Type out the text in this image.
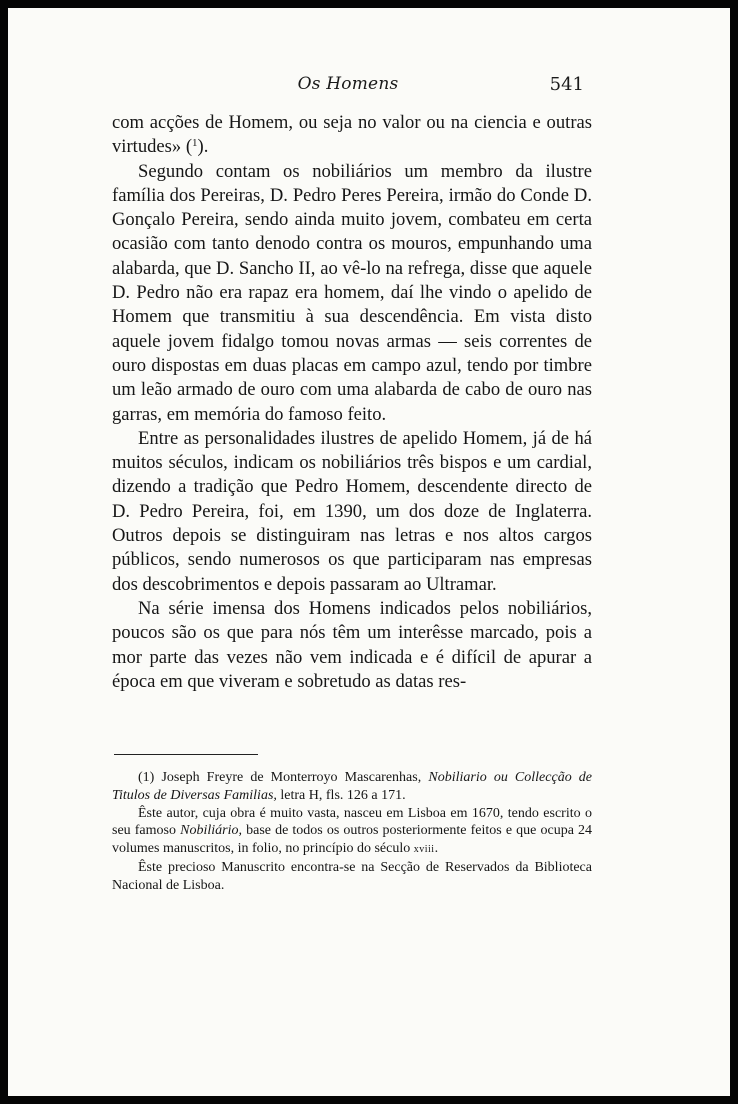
Os Homens	541

com acções de Homem, ou seja no valor ou na ciencia e outras virtudes» ($^1$).

Segundo contam os nobiliários um membro da ilustre família dos Pereiras, D. Pedro Peres Pereira, irmão do Conde D. Gonçalo Pereira, sendo ainda muito jovem, combateu em certa ocasião com tanto denodo contra os mouros, empunhando uma alabarda, que D. Sancho II, ao vê-lo na refrega, disse que aquele D. Pedro não era rapaz era homem, daí lhe vindo o apelido de Homem que transmitiu à sua descendência. Em vista disto aquele jovem fidalgo tomou novas armas — seis correntes de ouro dispostas em duas placas em campo azul, tendo por timbre um leão armado de ouro com uma alabarda de cabo de ouro nas garras, em memória do famoso feito.

Entre as personalidades ilustres de apelido Homem, já de há muitos séculos, indicam os nobiliários três bispos e um cardial, dizendo a tradição que Pedro Homem, descendente directo de D. Pedro Pereira, foi, em 1390, um dos doze de Inglaterra. Outros depois se distinguiram nas letras e nos altos cargos públicos, sendo numerosos os que participaram nas empresas dos descobrimentos e depois passaram ao Ultramar.

Na série imensa dos Homens indicados pelos nobiliários, poucos são os que para nós têm um interêsse marcado, pois a mor parte das vezes não vem indicada e é difícil de apurar a época em que viveram e sobretudo as datas res-

(1) Joseph Freyre de Monterroyo Mascarenhas, Nobiliario ou Collecção de Titulos de Diversas Familias, letra H, fls. 126 a 171.

Êste autor, cuja obra é muito vasta, nasceu em Lisboa em 1670, tendo escrito o seu famoso Nobiliário, base de todos os outros posteriormente feitos e que ocupa 24 volumes manuscritos, in folio, no princípio do século xviii.

Êste precioso Manuscrito encontra-se na Secção de Reservados da Biblioteca Nacional de Lisboa.
